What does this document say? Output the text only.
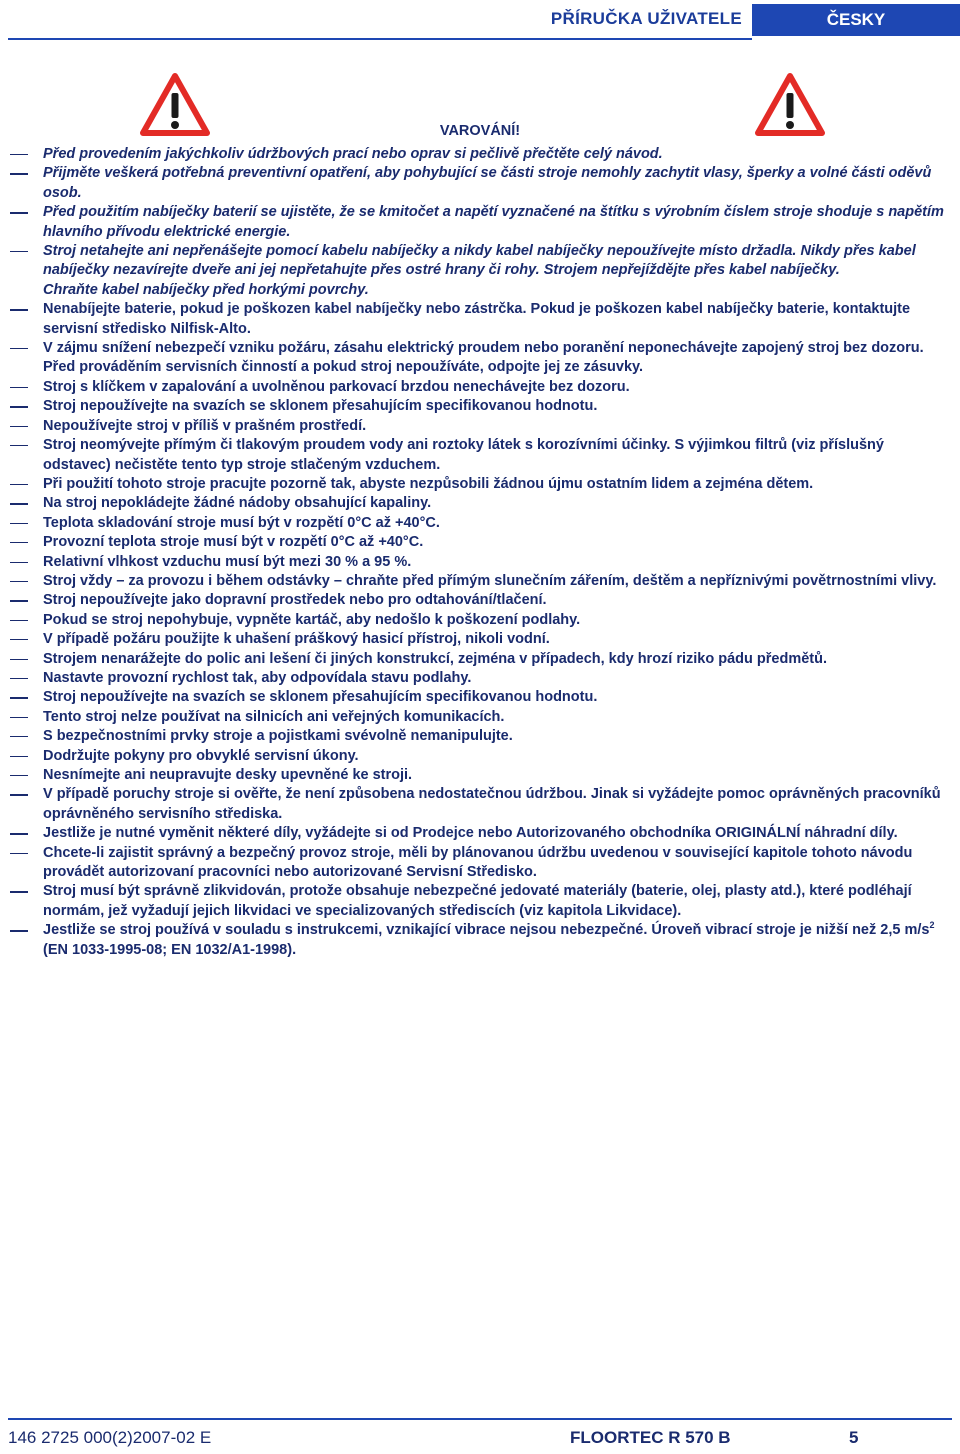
PŘÍRUČKA UŽIVATELE	ČESKY
VAROVÁNÍ!
Před provedením jakýchkoliv údržbových prací nebo oprav si pečlivě přečtěte celý návod.
Přijměte veškerá potřebná preventivní opatření, aby pohybující se části stroje nemohly zachytit vlasy, šperky a volné části oděvů osob.
Před použitím nabíječky baterií se ujistěte, že se kmitočet a napětí vyznačené na štítku s výrobním číslem stroje shoduje s napětím hlavního přívodu elektrické energie.
Stroj netahejte ani nepřenášejte pomocí kabelu nabíječky a nikdy kabel nabíječky nepoužívejte místo držadla. Nikdy přes kabel nabíječky nezavírejte dveře ani jej nepřetahujte přes ostré hrany či rohy. Strojem nepřejíždějte přes kabel nabíječky.
Chraňte kabel nabíječky před horkými povrchy.
Nenabíjejte baterie, pokud je poškozen kabel nabíječky nebo zástrčka. Pokud je poškozen kabel nabíječky baterie, kontaktujte servisní středisko Nilfisk-Alto.
V zájmu snížení nebezpečí vzniku požáru, zásahu elektrický proudem nebo poranění neponechávejte zapojený stroj bez dozoru. Před prováděním servisních činností a pokud stroj nepoužíváte, odpojte jej ze zásuvky.
Stroj s klíčkem v zapalování a uvolněnou parkovací brzdou nenechávejte bez dozoru.
Stroj nepoužívejte na svazích se sklonem přesahujícím specifikovanou hodnotu.
Nepoužívejte stroj v příliš v prašném prostředí.
Stroj neomývejte přímým či tlakovým proudem vody ani roztoky látek s korozívními účinky. S výjimkou filtrů (viz příslušný odstavec) nečistěte tento typ stroje stlačeným vzduchem.
Při použití tohoto stroje pracujte pozorně tak, abyste nezpůsobili žádnou újmu ostatním lidem a zejména dětem.
Na stroj nepokládejte žádné nádoby obsahující kapaliny.
Teplota skladování stroje musí být v rozpětí 0°C až +40°C.
Provozní teplota stroje musí být v rozpětí 0°C až +40°C.
Relativní vlhkost vzduchu musí být mezi 30 % a 95 %.
Stroj vždy – za provozu i během odstávky – chraňte před přímým slunečním zářením, deštěm a nepříznivými povětrnostními vlivy.
Stroj nepoužívejte jako dopravní prostředek nebo pro odtahování/tlačení.
Pokud se stroj nepohybuje, vypněte kartáč, aby nedošlo k poškození podlahy.
V případě požáru použijte k uhašení práškový hasicí přístroj, nikoli vodní.
Strojem nenarážejte do polic ani lešení či jiných konstrukcí, zejména v případech, kdy hrozí riziko pádu předmětů.
Nastavte provozní rychlost tak, aby odpovídala stavu podlahy.
Stroj nepoužívejte na svazích se sklonem přesahujícím specifikovanou hodnotu.
Tento stroj nelze používat na silnicích ani veřejných komunikacích.
S bezpečnostními prvky stroje a pojistkami svévolně nemanipulujte.
Dodržujte pokyny pro obvyklé servisní úkony.
Nesnímejte ani neupravujte desky upevněné ke stroji.
V případě poruchy stroje si ověřte, že není způsobena nedostatečnou údržbou. Jinak si vyžádejte pomoc oprávněných pracovníků oprávněného servisního střediska.
Jestliže je nutné vyměnit některé díly, vyžádejte si od Prodejce nebo Autorizovaného obchodníka ORIGINÁLNÍ náhradní díly.
Chcete-li zajistit správný a bezpečný provoz stroje, měli by plánovanou údržbu uvedenou v související kapitole tohoto návodu provádět autorizovaní pracovníci nebo autorizované Servisní Středisko.
Stroj musí být správně zlikvidován, protože obsahuje nebezpečné jedovaté materiály (baterie, olej, plasty atd.), které podléhají normám, jež vyžadují jejich likvidaci ve specializovaných střediscích (viz kapitola Likvidace).
Jestliže se stroj používá v souladu s instrukcemi, vznikající vibrace nejsou nebezpečné. Úroveň vibrací stroje je nižší než 2,5 $m/s^2$ (EN 1033-1995-08; EN 1032/A1-1998).
146 2725 000(2)2007-02 E	FLOORTEC R 570 B	5
